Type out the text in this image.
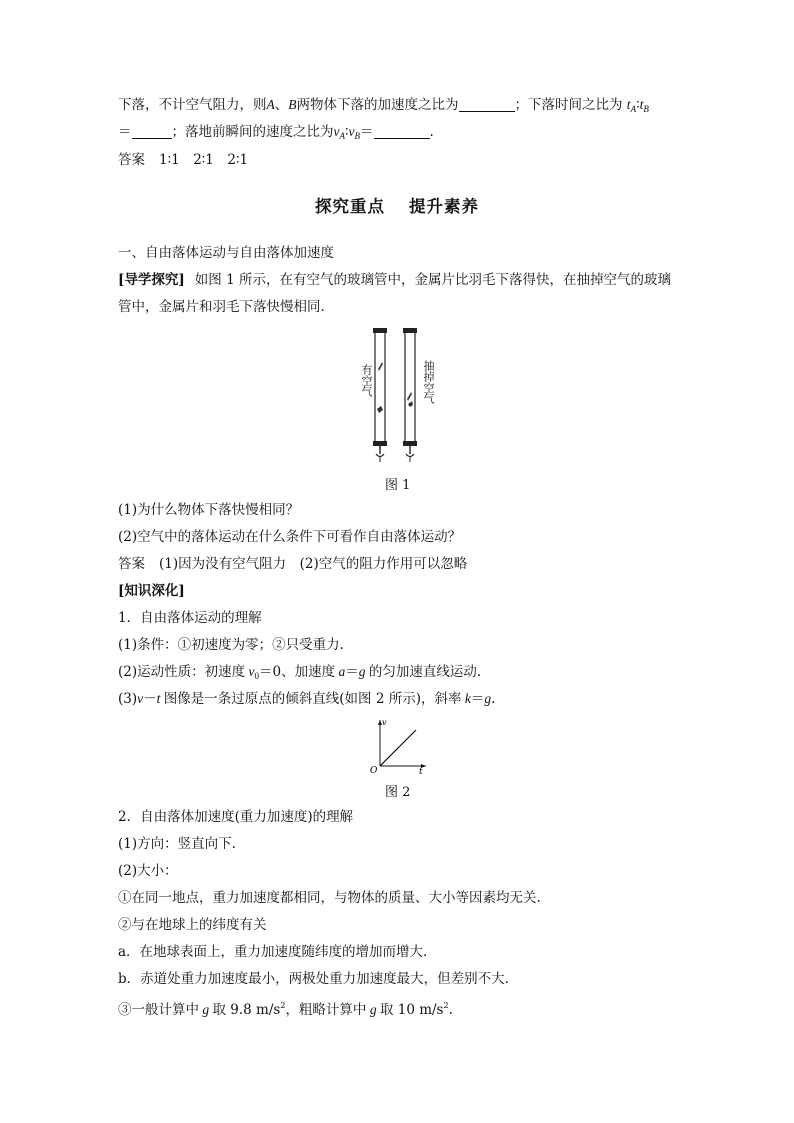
下落，不计空气阻力，则A、B两物体下落的加速度之比为	；下落时间之比为 $t_A∶t_B$
＝	；落地前瞬间的速度之比为$v_A∶v_B=$	.
答案 1∶1　2∶1　2∶1
探究重点 提升素养
一、自由落体运动与自由落体加速度
[导学探究] 如图 1 所示，在有空气的玻璃管中，金属片比羽毛下落得快，在抽掉空气的玻璃
管中，金属片和羽毛下落快慢相同.
有空气	抽掉空气
图 1
(1)为什么物体下落快慢相同？
(2)空气中的落体运动在什么条件下可看作自由落体运动？
答案 (1)因为没有空气阻力　(2)空气的阻力作用可以忽略
[知识深化]
1．自由落体运动的理解
(1)条件：①初速度为零；②只受重力.
(2)运动性质：初速度 $v_0=0$、加速度 a＝g 的匀加速直线运动.
(3)v－t 图像是一条过原点的倾斜直线(如图 2 所示)，斜率 k＝g.
v
t
O
图 2
2．自由落体加速度(重力加速度)的理解
(1)方向：竖直向下.
(2)大小：
①在同一地点，重力加速度都相同，与物体的质量、大小等因素均无关.
②与在地球上的纬度有关
a．在地球表面上，重力加速度随纬度的增加而增大.
b．赤道处重力加速度最小，两极处重力加速度最大，但差别不大.
③一般计算中 g 取 9.8 $m/s^2$，粗略计算中 g 取 10 $m/s^2$.
